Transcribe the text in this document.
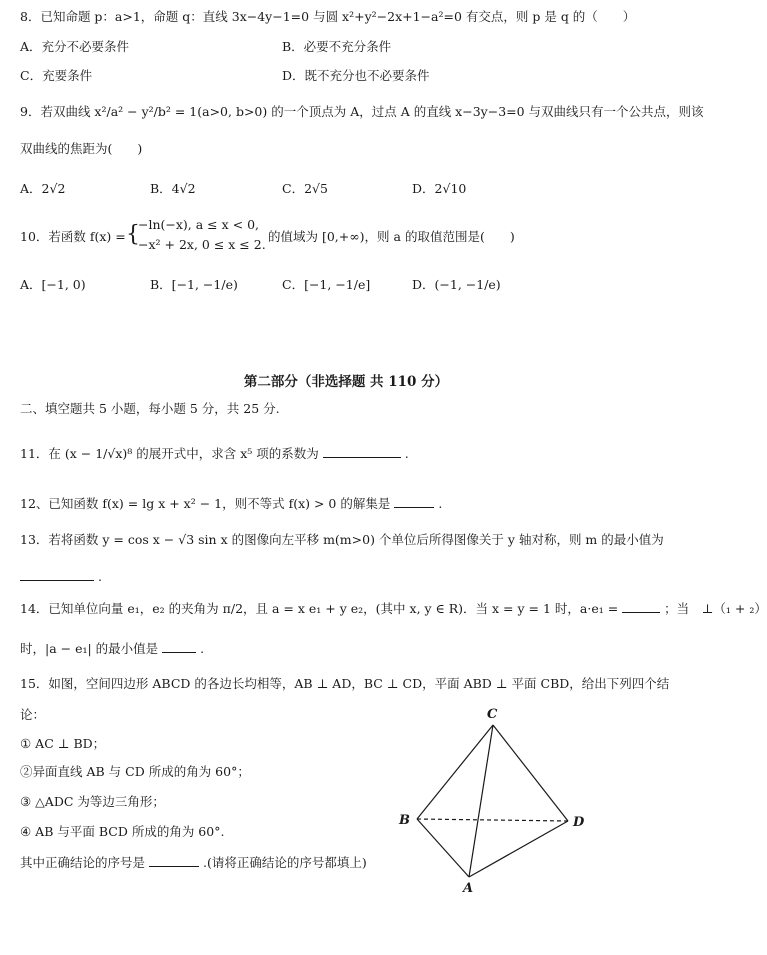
8．已知命题 p：a>1，命题 q：直线 3x−4y−1=0 与圆 x²+y²−2x+1−a²=0 有交点，则 p 是 q 的（　　）
A．充分不必要条件	B．必要不充分条件
C．充要条件	D．既不充分也不必要条件
9．若双曲线 x²/a² − y²/b² = 1(a>0, b>0) 的一个顶点为 A，过点 A 的直线 x−3y−3=0 与双曲线只有一个公共点，则该
双曲线的焦距为(　　)
A．2√2	B．4√2	C．2√5	D．2√10
10．若函数 f(x) = {
−ln(−x), a ≤ x < 0,
−x² + 2x, 0 ≤ x ≤ 2.
的值域为 [0,+∞)，则 a 的取值范围是(　　)
A．[−1, 0)	B．[−1, −1/e)	C．[−1, −1/e]	D．(−1, −1/e)
第二部分（非选择题 共 110 分）
二、填空题共 5 小题，每小题 5 分，共 25 分.
11．在 (x − 1/√x)⁸ 的展开式中，求含 x⁵ 项的系数为	.
12、已知函数 f(x) = lg x + x² − 1，则不等式 f(x) > 0 的解集是	.
13．若将函数 y = cos x − √3 sin x 的图像向左平移 m(m>0) 个单位后所得图像关于 y 轴对称，则 m 的最小值为
.
14．已知单位向量 e₁，e₂ 的夹角为 π/2，且 a = x e₁ + y e₂，(其中 x, y ∈ R)．当 x = y = 1 时，a·e₁ =	；当　⊥（₁ + ₂）
时，|a − e₁| 的最小值是	.
15．如图，空间四边形 ABCD 的各边长均相等，AB ⊥ AD，BC ⊥ CD，平面 ABD ⊥ 平面 CBD，给出下列四个结
论：
① AC ⊥ BD；
②异面直线 AB 与 CD 所成的角为 60°；
③ △ADC 为等边三角形；
④ AB 与平面 BCD 所成的角为 60°.
其中正确结论的序号是	.(请将正确结论的序号都填上)
C
B	D
A
